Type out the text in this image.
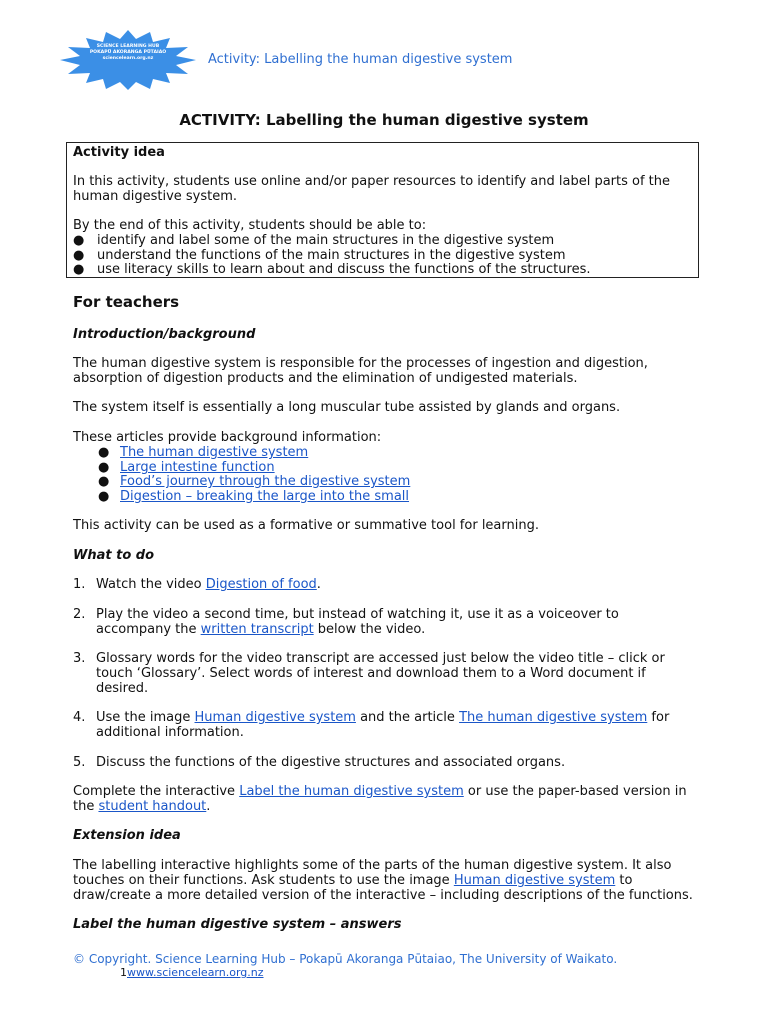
SCIENCE LEARNING HUB
POKAPŪ AKORANGA PŪTAIAO
sciencelearn.org.nz	Activity: Labelling the human digestive system
ACTIVITY: Labelling the human digestive system
Activity idea
In this activity, students use online and/or paper resources to identify and label parts of the human digestive system.
By the end of this activity, students should be able to:
● identify and label some of the main structures in the digestive system
● understand the functions of the main structures in the digestive system
● use literacy skills to learn about and discuss the functions of the structures.
For teachers
Introduction/background
The human digestive system is responsible for the processes of ingestion and digestion, absorption of digestion products and the elimination of undigested materials.
The system itself is essentially a long muscular tube assisted by glands and organs.
These articles provide background information:
● The human digestive system
● Large intestine function
● Food’s journey through the digestive system
● Digestion – breaking the large into the small
This activity can be used as a formative or summative tool for learning.
What to do
1. Watch the video Digestion of food.
2. Play the video a second time, but instead of watching it, use it as a voiceover to
accompany the written transcript below the video.
3. Glossary words for the video transcript are accessed just below the video title – click or touch ‘Glossary’. Select words of interest and download them to a Word document if desired.
4. Use the image Human digestive system and the article The human digestive system for
additional information.
5. Discuss the functions of the digestive structures and associated organs.
Complete the interactive Label the human digestive system or use the paper-based version in
the student handout.
Extension idea
The labelling interactive highlights some of the parts of the human digestive system. It also
touches on their functions. Ask students to use the image Human digestive system to
draw/create a more detailed version of the interactive – including descriptions of the functions.
Label the human digestive system – answers
© Copyright. Science Learning Hub – Pokapū Akoranga Pūtaiao, The University of Waikato.
1www.sciencelearn.org.nz
